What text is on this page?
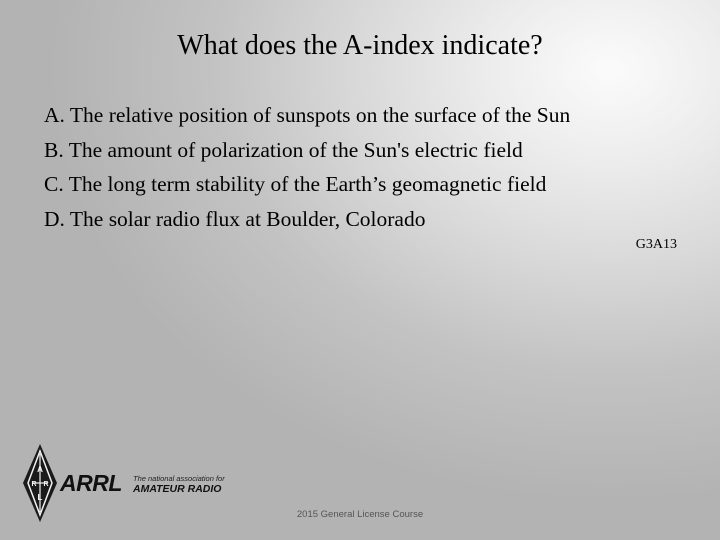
What does the A-index indicate?
A. The relative position of sunspots on the surface of the Sun
B. The amount of polarization of the Sun's electric field
C. The long term stability of the Earth’s geomagnetic field
D. The solar radio flux at Boulder, Colorado
G3A13
A
R R
L
ARRL The national association for
AMATEUR RADIO
2015 General License Course
